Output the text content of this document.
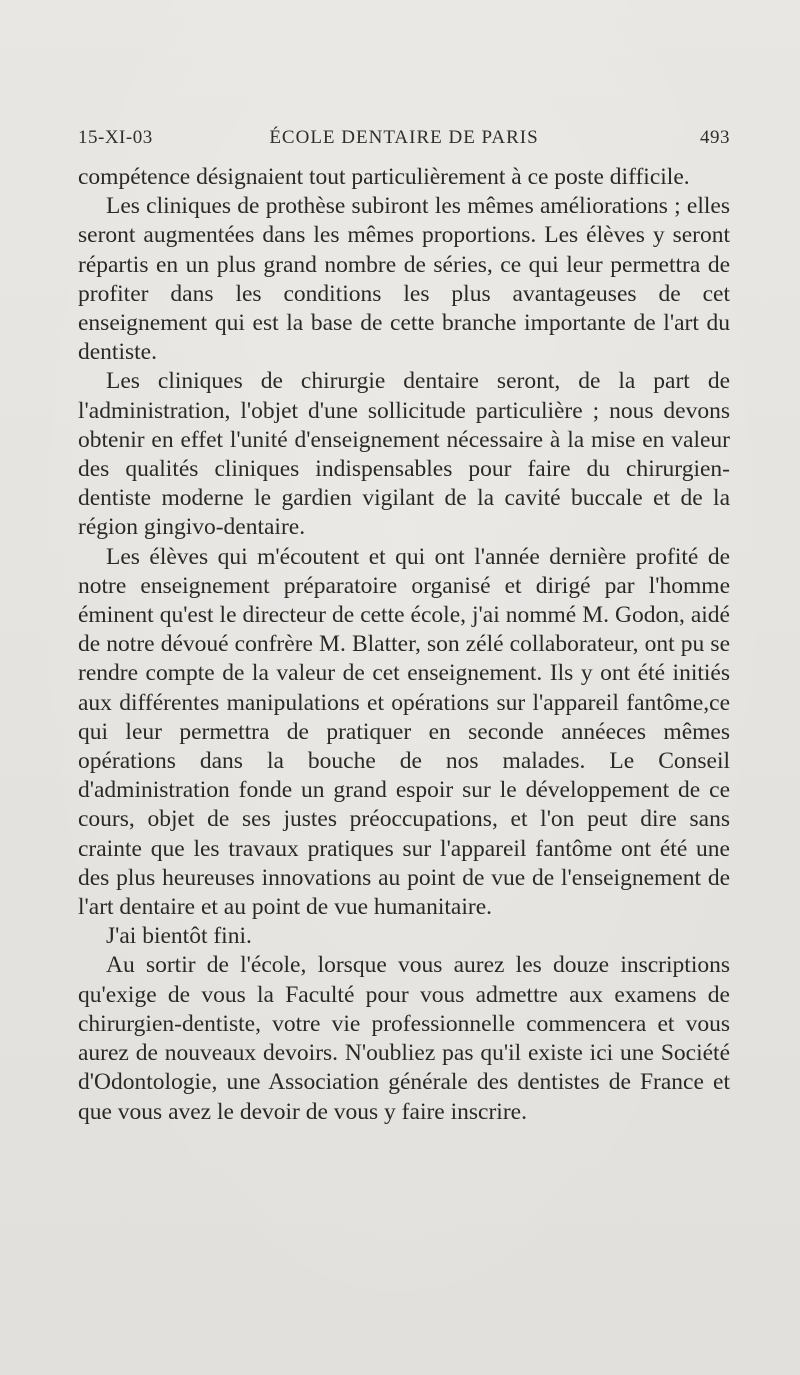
15-XI-03	ÉCOLE DENTAIRE DE PARIS	493

compétence désignaient tout particulièrement à ce poste difficile.

Les cliniques de prothèse subiront les mêmes améliorations ; elles seront augmentées dans les mêmes proportions. Les élèves y seront répartis en un plus grand nombre de séries, ce qui leur permettra de profiter dans les conditions les plus avantageuses de cet enseignement qui est la base de cette branche importante de l'art du dentiste.

Les cliniques de chirurgie dentaire seront, de la part de l'administration, l'objet d'une sollicitude particulière ; nous devons obtenir en effet l'unité d'enseignement nécessaire à la mise en valeur des qualités cliniques indispensables pour faire du chirurgien-dentiste moderne le gardien vigilant de la cavité buccale et de la région gingivo-dentaire.

Les élèves qui m'écoutent et qui ont l'année dernière profité de notre enseignement préparatoire organisé et dirigé par l'homme éminent qu'est le directeur de cette école, j'ai nommé M. Godon, aidé de notre dévoué confrère M. Blatter, son zélé collaborateur, ont pu se rendre compte de la valeur de cet enseignement. Ils y ont été initiés aux différentes manipulations et opérations sur l'appareil fantôme,ce qui leur permettra de pratiquer en seconde annéeces mêmes opérations dans la bouche de nos malades. Le Conseil d'administration fonde un grand espoir sur le développement de ce cours, objet de ses justes préoccupations, et l'on peut dire sans crainte que les travaux pratiques sur l'appareil fantôme ont été une des plus heureuses innovations au point de vue de l'enseignement de l'art dentaire et au point de vue humanitaire.

J'ai bientôt fini.

Au sortir de l'école, lorsque vous aurez les douze inscriptions qu'exige de vous la Faculté pour vous admettre aux examens de chirurgien-dentiste, votre vie professionnelle commencera et vous aurez de nouveaux devoirs. N'oubliez pas qu'il existe ici une Société d'Odontologie, une Association générale des dentistes de France et que vous avez le devoir de vous y faire inscrire.
